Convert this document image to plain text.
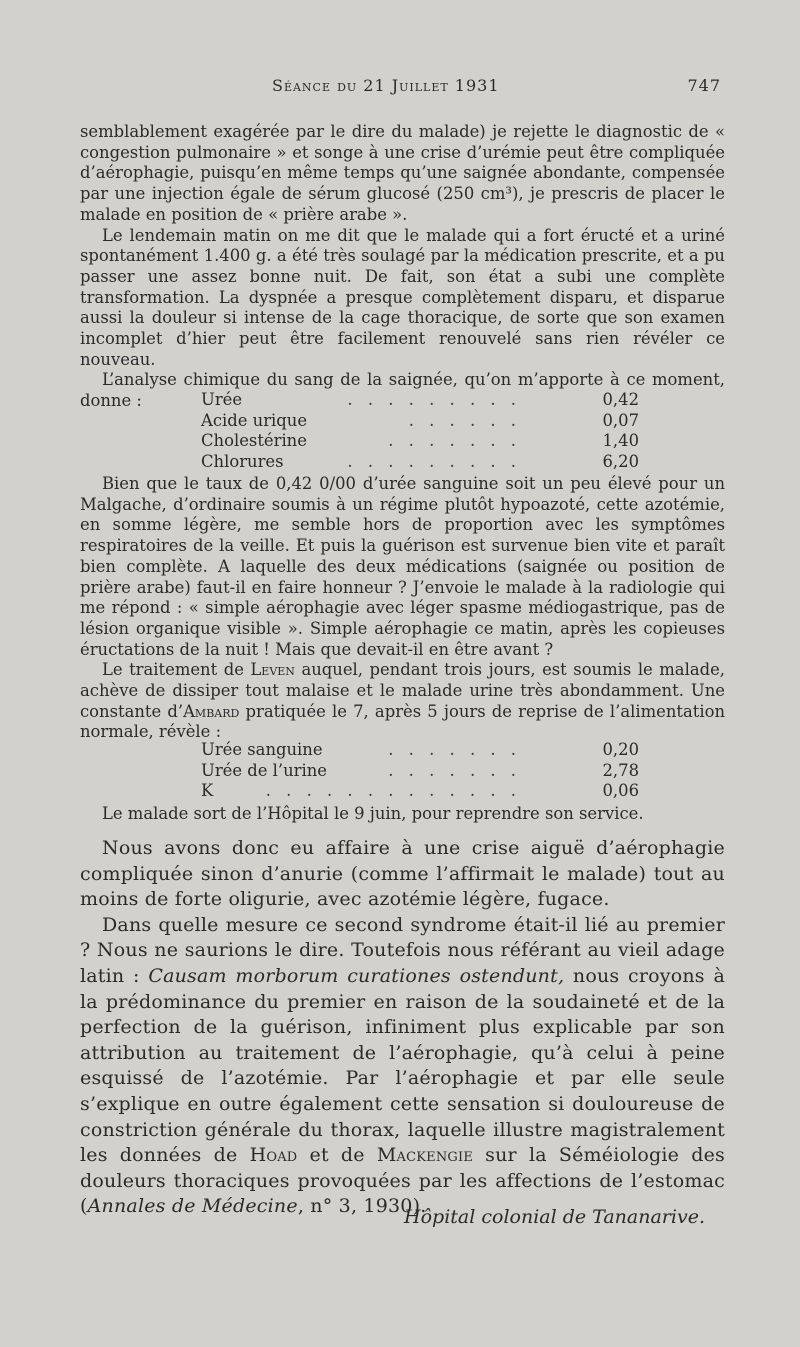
Séance du 21 Juillet 1931	747

semblablement exagérée par le dire du malade) je rejette le diagnostic de « congestion pulmonaire » et songe à une crise d’urémie peut être compliquée d’aérophagie, puisqu’en même temps qu’une saignée abondante, compensée par une injection égale de sérum glucosé (250 cm³), je prescris de placer le malade en position de « prière arabe ».

Le lendemain matin on me dit que le malade qui a fort éructé et a uriné spontanément 1.400 g. a été très soulagé par la médication prescrite, et a pu passer une assez bonne nuit. De fait, son état a subi une complète transformation. La dyspnée a presque complètement disparu, et disparue aussi la douleur si intense de la cage thoracique, de sorte que son examen incomplet d’hier peut être facilement renouvelé sans rien révéler ce nouveau.

L’analyse chimique du sang de la saignée, qu’on m’apporte à ce moment, donne :	. . . . . . . . .
Urée	0,42
. . . . . .
Acide urique	0,07
. . . . . . .
Cholestérine	1,40
. . . . . . . . .
Chlorures	6,20

Bien que le taux de 0,42 0/00 d’urée sanguine soit un peu élevé pour un Malgache, d’ordinaire soumis à un régime plutôt hypoazoté, cette azotémie, en somme légère, me semble hors de proportion avec les symptômes respiratoires de la veille. Et puis la guérison est survenue bien vite et paraît bien complète. A laquelle des deux médications (saignée ou position de prière arabe) faut-il en faire honneur ? J’envoie le malade à la radiologie qui me répond : « simple aérophagie avec léger spasme médiogastrique, pas de lésion organique visible ». Simple aérophagie ce matin, après les copieuses éructations de la nuit ! Mais que devait-il en être avant ?

Le traitement de Leven auquel, pendant trois jours, est soumis le malade, achève de dissiper tout malaise et le malade urine très abondamment. Une constante d’Ambard pratiquée le 7, après 5 jours de reprise de l’alimentation normale, révèle :

. . . . . . .
Urée sanguine	0,20
. . . . . . .
Urée de l’urine	2,78
. . . . . . . . . . . . .
K	0,06

Le malade sort de l’Hôpital le 9 juin, pour reprendre son service.

Nous avons donc eu affaire à une crise aiguë d’aérophagie compliquée sinon d’anurie (comme l’affirmait le malade) tout au moins de forte oligurie, avec azotémie légère, fugace.

Dans quelle mesure ce second syndrome était-il lié au premier ? Nous ne saurions le dire. Toutefois nous référant au vieil adage latin : Causam morborum curationes ostendunt, nous croyons à la prédominance du premier en raison de la soudaineté et de la perfection de la guérison, infiniment plus explicable par son attribution au traitement de l’aérophagie, qu’à celui à peine esquissé de l’azotémie. Par l’aérophagie et par elle seule s’explique en outre également cette sensation si douloureuse de constriction générale du thorax, laquelle illustre magistralement les données de Hoad et de Mackengie sur la Séméiologie des douleurs thoraciques provoquées par les affections de l’estomac (Annales de Médecine, n° 3, 1930).

Hôpital colonial de Tananarive.
